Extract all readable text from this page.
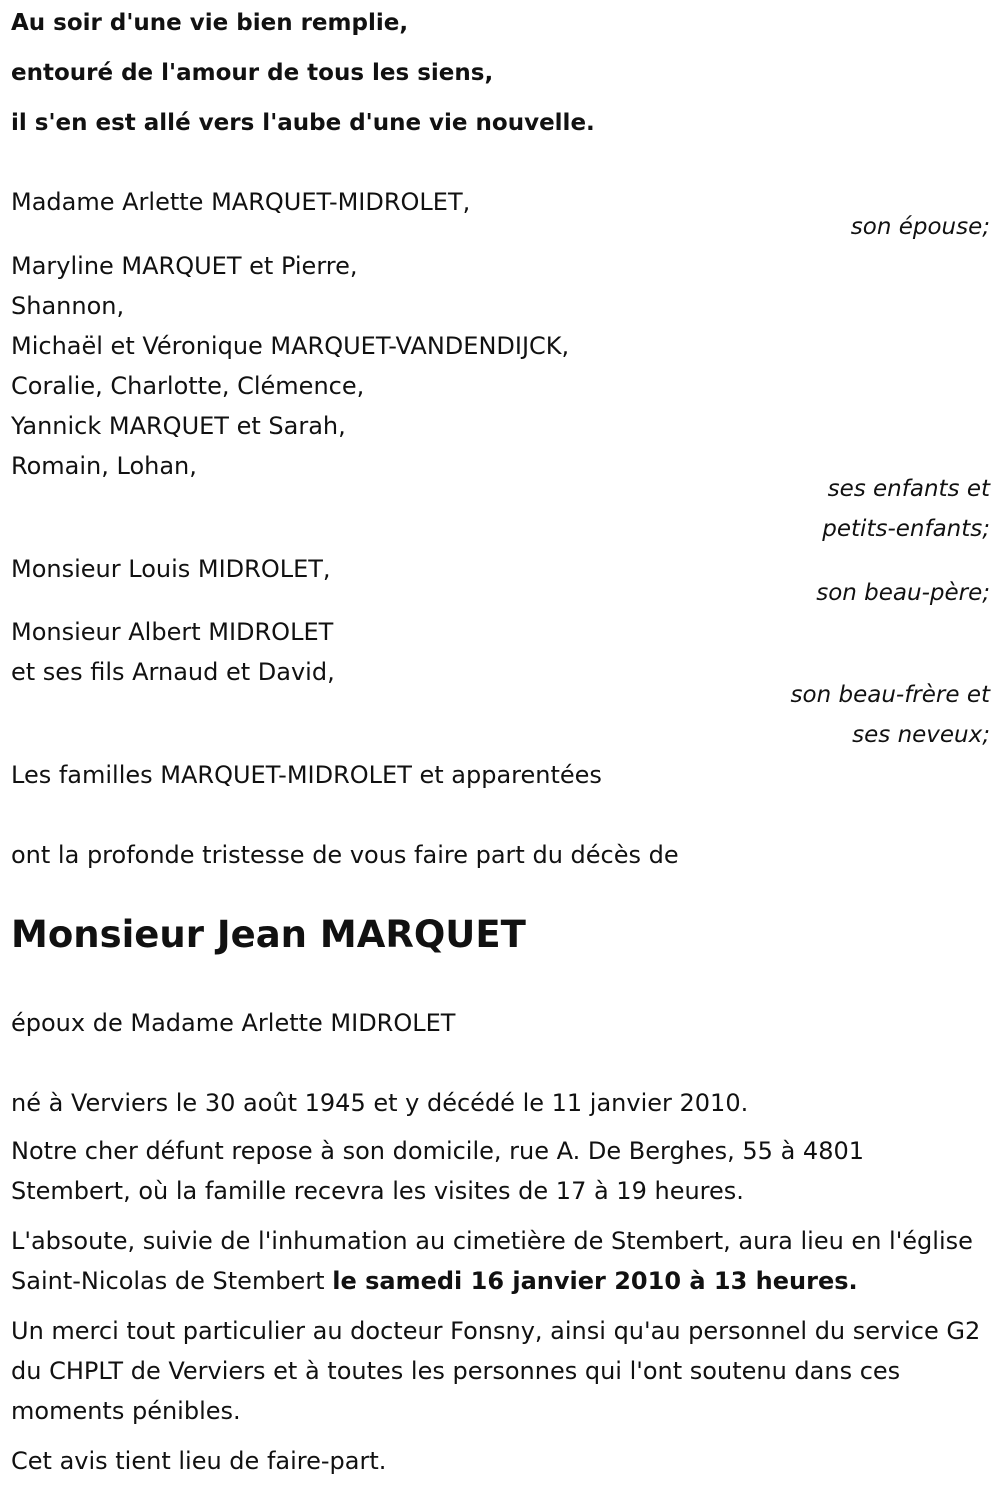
Au soir d'une vie bien remplie,

entouré de l'amour de tous les siens,

il s'en est allé vers l'aube d'une vie nouvelle.

Madame Arlette MARQUET-MIDROLET,

son épouse;

Maryline MARQUET et Pierre,

Shannon,

Michaël et Véronique MARQUET-VANDENDIJCK,

Coralie, Charlotte, Clémence,

Yannick MARQUET et Sarah,

Romain, Lohan,

ses enfants et

petits-enfants;

Monsieur Louis MIDROLET,

son beau-père;

Monsieur Albert MIDROLET

et ses fils Arnaud et David,

son beau-frère et

ses neveux;

Les familles MARQUET-MIDROLET et apparentées

ont la profonde tristesse de vous faire part du décès de

Monsieur Jean MARQUET

époux de Madame Arlette MIDROLET

né à Verviers le 30 août 1945 et y décédé le 11 janvier 2010.

Notre cher défunt repose à son domicile, rue A. De Berghes, 55 à 4801 Stembert, où la famille recevra les visites de 17 à 19 heures.

L'absoute, suivie de l'inhumation au cimetière de Stembert, aura lieu en l'église Saint-Nicolas de Stembert le samedi 16 janvier 2010 à 13 heures.

Un merci tout particulier au docteur Fonsny, ainsi qu'au personnel du service G2 du CHPLT de Verviers et à toutes les personnes qui l'ont soutenu dans ces moments pénibles.

Cet avis tient lieu de faire-part.
